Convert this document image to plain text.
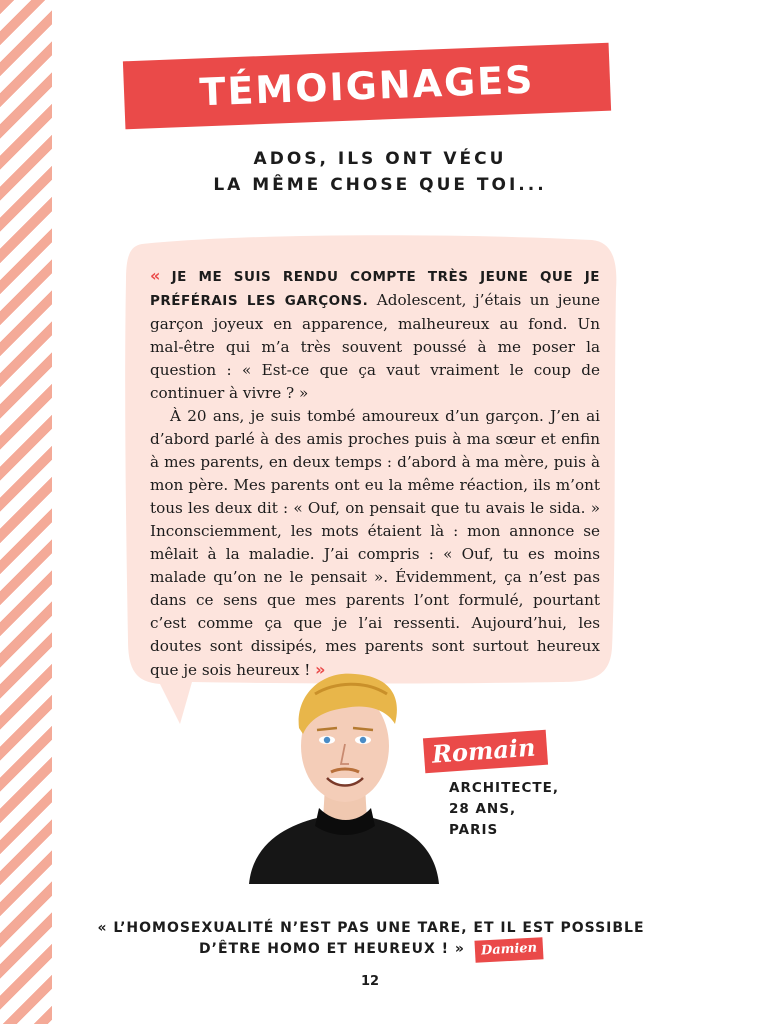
TÉMOIGNAGES
ADOS, ILS ONT VÉCU
LA MÊME CHOSE QUE TOI...

« JE ME SUIS RENDU COMPTE TRÈS JEUNE QUE JE PRÉFÉRAIS LES GARÇONS. Adolescent, j’étais un jeune garçon joyeux en apparence, malheureux au fond. Un mal-être qui m’a très souvent poussé à me poser la question : « Est-ce que ça vaut vraiment le coup de continuer à vivre ? »

À 20 ans, je suis tombé amoureux d’un garçon. J’en ai d’abord parlé à des amis proches puis à ma sœur et enfin à mes parents, en deux temps : d’abord à ma mère, puis à mon père. Mes parents ont eu la même réaction, ils m’ont tous les deux dit : « Ouf, on pensait que tu avais le sida. » Inconsciemment, les mots étaient là : mon annonce se mêlait à la maladie. J’ai compris : « Ouf, tu es moins malade qu’on ne le pensait ». Évidemment, ça n’est pas dans ce sens que mes parents l’ont formulé, pourtant c’est comme ça que je l’ai ressenti. Aujourd’hui, les doutes sont dissipés, mes parents sont surtout heureux que je sois heureux ! »

Romain
ARCHITECTE,
28 ANS,
PARIS
« L’HOMOSEXUALITÉ N’EST PAS UNE TARE, ET IL EST POSSIBLE
D’ÊTRE HOMO ET HEUREUX ! » Damien
12
